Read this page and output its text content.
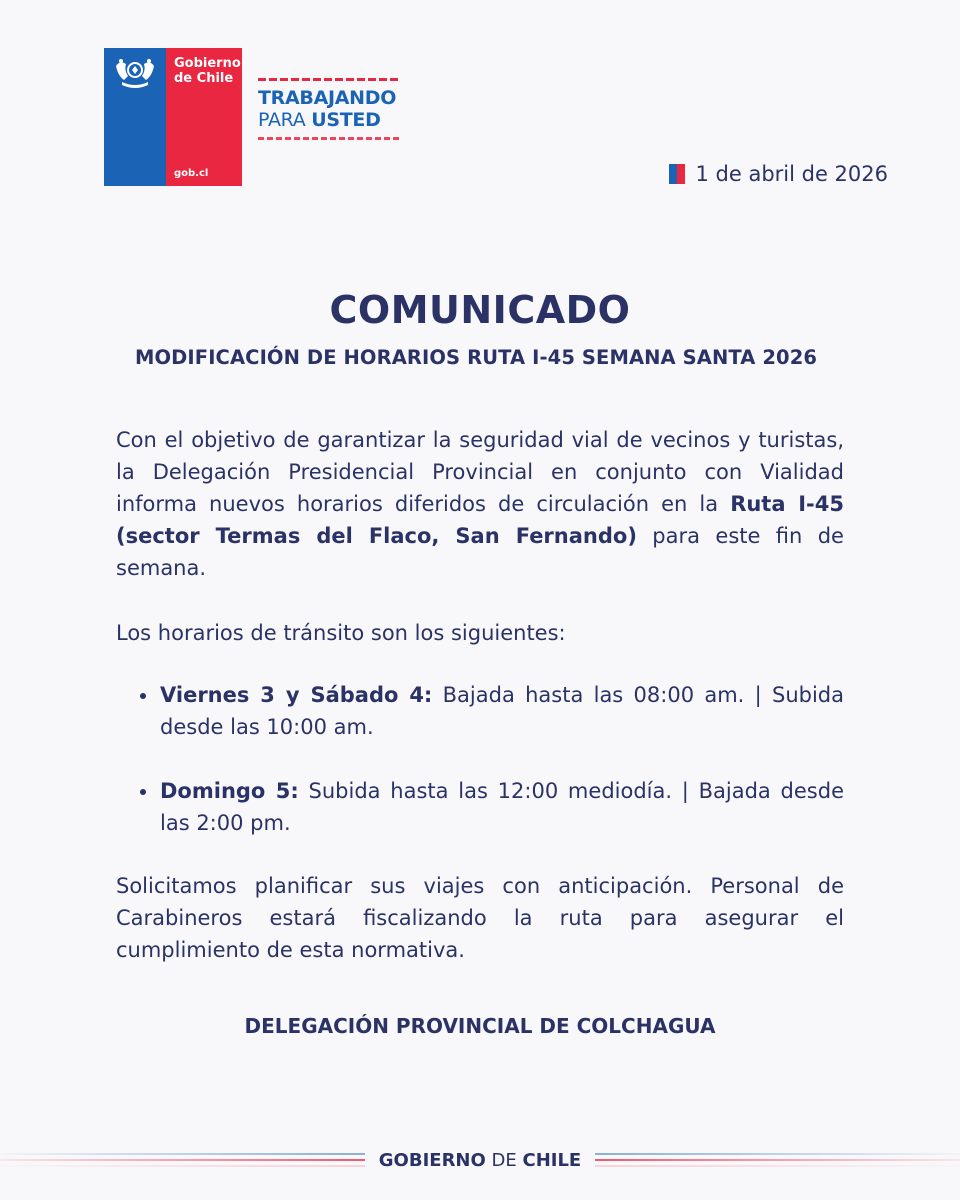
Gobierno
de Chile
gob.cl
TRABAJANDO
PARA USTED
1 de abril de 2026
COMUNICADO
MODIFICACIÓN DE HORARIOS RUTA I-45 SEMANA SANTA 2026

Con el objetivo de garantizar la seguridad vial de vecinos y turistas, la Delegación Presidencial Provincial en conjunto con Vialidad informa nuevos horarios diferidos de circulación en la Ruta I-45 (sector Termas del Flaco, San Fernando) para este fin de semana.

Los horarios de tránsito son los siguientes:

Viernes 3 y Sábado 4: Bajada hasta las 08:00 am. | Subida desde las 10:00 am.
Domingo 5: Subida hasta las 12:00 mediodía. | Bajada desde las 2:00 pm.

Solicitamos planificar sus viajes con anticipación. Personal de Carabineros estará fiscalizando la ruta para asegurar el cumplimiento de esta normativa.

DELEGACIÓN PROVINCIAL DE COLCHAGUA
GOBIERNO DE CHILE
